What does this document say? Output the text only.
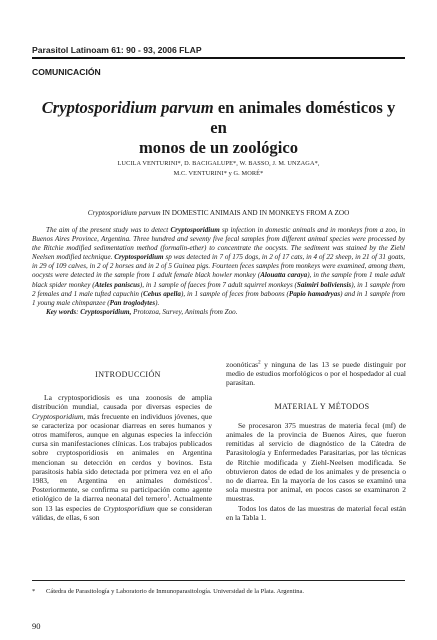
Parasitol Latinoam 61: 90 - 93, 2006 FLAP
COMUNICACIÓN
Cryptosporidium parvum en animales domésticos y en
monos de un zoológico
LUCILA VENTURINI*, D. BACIGALUPE*, W. BASSO, J. M. UNZAGA*,
M.C. VENTURINI* y G. MORÉ*
Cryptosporidium parvum IN DOMESTIC ANIMAIS AND IN MONKEYS FROM A ZOO

The aim of the present study was to detect Cryptosporidium sp infection in domestic animals and in monkeys from a zoo, in Buenos Aires Province, Argentina. Three hundred and seventy five fecal samples from different animal species were processed by the Ritchie modified sedimentation method (formalin-ether) to concentrate the oocysts. The sediment was stained by the Ziehl Neelsen modified technique. Cryptosporidium sp was detected in 7 of 175 dogs, in 2 of 17 cats, in 4 of 22 sheep, in 21 of 31 goats, in 29 of 109 calves, in 2 of 2 horses and in 2 of 5 Guinea pigs. Fourteen feces samples from monkeys were examined, among them, oocysts were detected in the sample from 1 adult female black howler monkey (Alouatta caraya), in the sample from 1 male adult black spider monkey (Ateles paniscus), in 1 sample of faeces from 7 adult squirrel monkeys (Saimiri boliviensis), in 1 sample from 2 females and 1 male tufted capuchin (Cebus apella), in 1 sample of feces from baboons (Papio hamadryas) and in 1 sample from 1 young male chimpanzee (Pan troglodytes).

Key words: Cryptosporidium, Protozoa, Survey, Animals from Zoo.

INTRODUCCIÓN

La cryptosporidiosis es una zoonosis de amplia distribución mundial, causada por diversas especies de Cryptosporidium, más frecuente en individuos jóvenes, que se caracteriza por ocasionar diarreas en seres humanos y otros mamíferos, aunque en algunas especies la infección cursa sin manifestaciones clínicas. Los trabajos publicados sobre cryptosporidiosis en animales en Argentina mencionan su detección en cerdos y bovinos. Esta parasitosis había sido detectada por primera vez en el año 1983, en Argentina en animales domésticos$^1$. Posteriormente, se confirma su participación como agente etiológico de la diarrea neonatal del ternero$^1$. Actualmente son 13 las especies de Cryptosporidium que se consideran válidas, de ellas, 6 son

zoonóticas$^2$ y ninguna de las 13 se puede distinguir por medio de estudios morfológicos o por el hospedador al cual parasitan.

MATERIAL Y MÉTODOS

Se procesaron 375 muestras de materia fecal (mf) de animales de la provincia de Buenos Aires, que fueron remitidas al servicio de diagnóstico de la Cátedra de Parasitología y Enfermedades Parasitarias, por las técnicas de Ritchie modificada y Ziehl-Neelsen modificada. Se obtuvieron datos de edad de los animales y de presencia o no de diarrea. En la mayoría de los casos se examinó una sola muestra por animal, en pocos casos se examinaron 2 muestras.

Todos los datos de las muestras de material fecal están en la Tabla 1.

* Cátedra de Parasitología y Laboratorio de Inmunoparasitología. Universidad de la Plata. Argentina.
90
